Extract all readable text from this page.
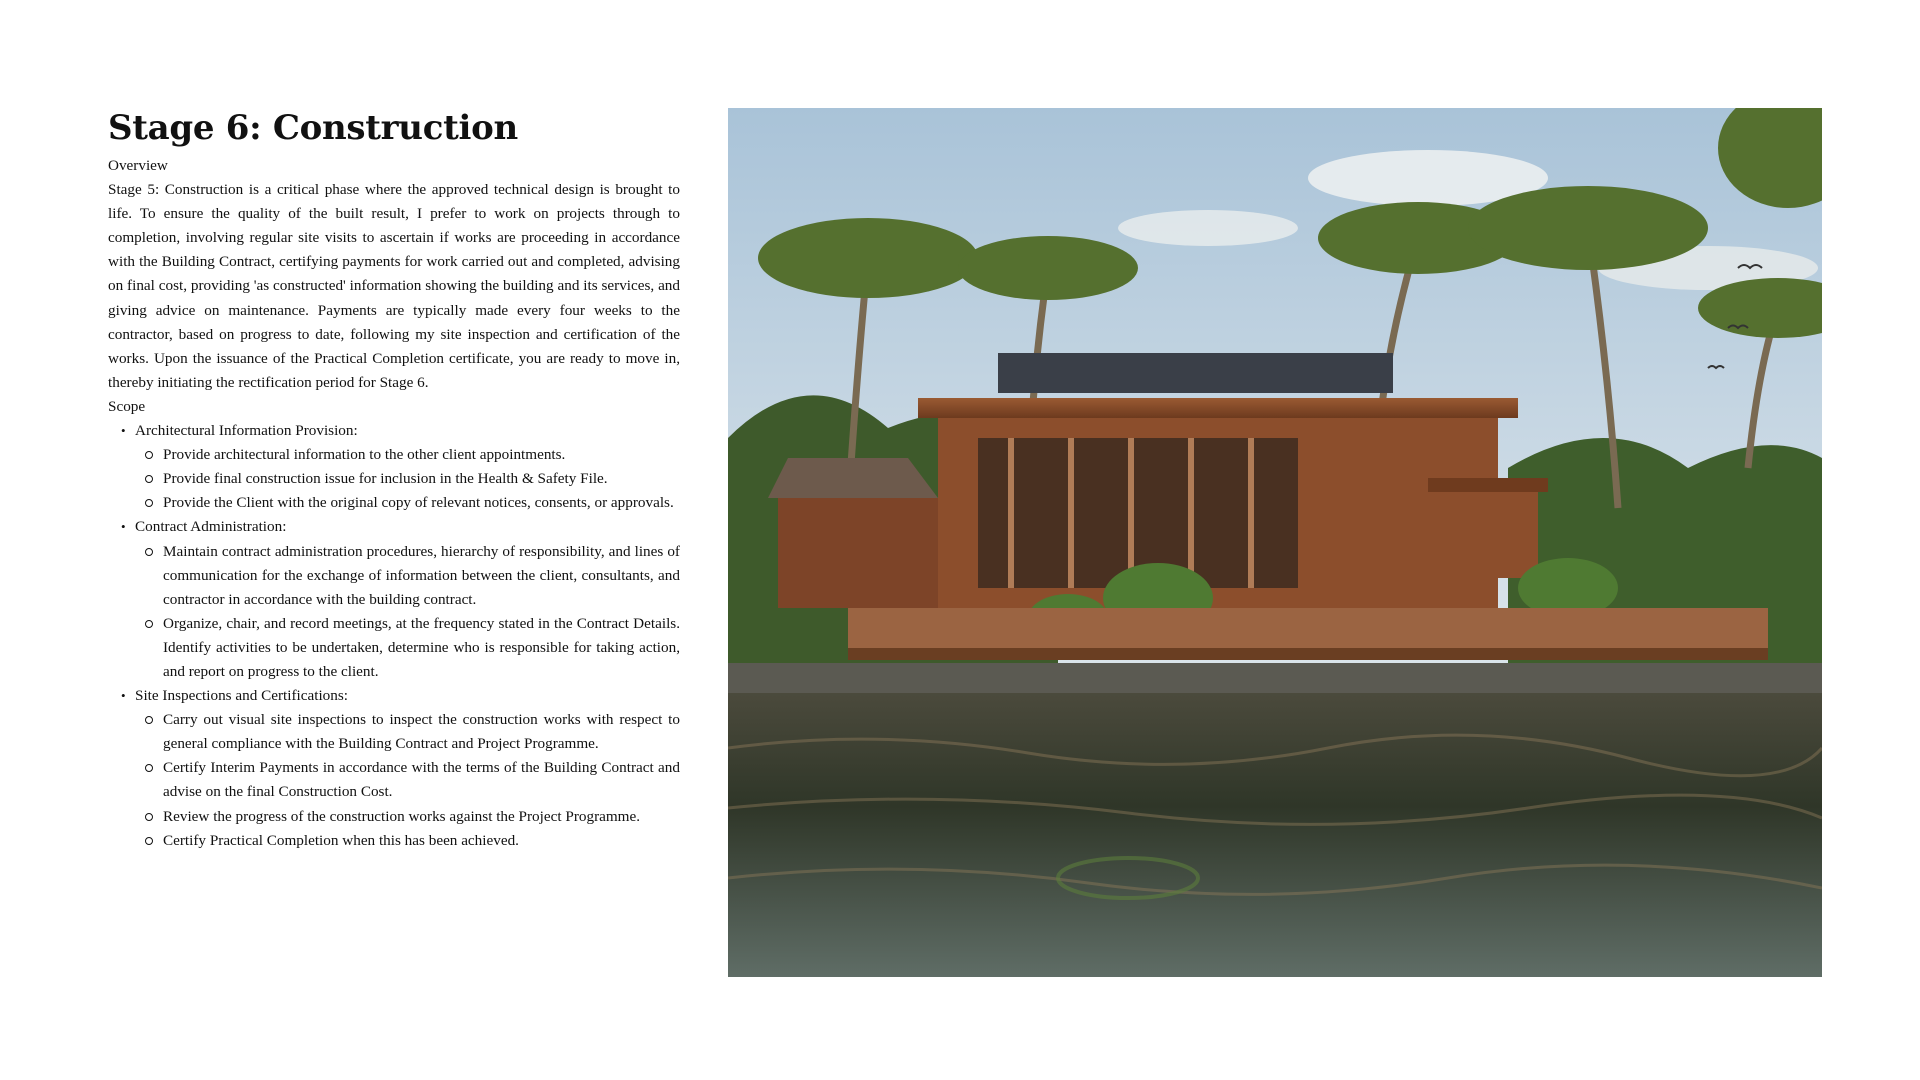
Stage 6: Construction

Overview

Stage 5: Construction is a critical phase where the approved technical design is brought to life. To ensure the quality of the built result, I prefer to work on projects through to completion, involving regular site visits to ascertain if works are proceeding in accordance with the Building Contract, certifying payments for work carried out and completed, advising on final cost, providing 'as constructed' information showing the building and its services, and giving advice on maintenance. Payments are typically made every four weeks to the contractor, based on progress to date, following my site inspection and certification of the works. Upon the issuance of the Practical Completion certificate, you are ready to move in, thereby initiating the rectification period for Stage 6.

Scope

• Architectural Information Provision:
Provide architectural information to the other client appointments.
Provide final construction issue for inclusion in the Health & Safety File.
Provide the Client with the original copy of relevant notices, consents, or approvals.
• Contract Administration:
Maintain contract administration procedures, hierarchy of responsibility, and lines of communication for the exchange of information between the client, consultants, and contractor in accordance with the building contract.
Organize, chair, and record meetings, at the frequency stated in the Contract Details. Identify activities to be undertaken, determine who is responsible for taking action, and report on progress to the client.
• Site Inspections and Certifications:
Carry out visual site inspections to inspect the construction works with respect to general compliance with the Building Contract and Project Programme.
Certify Interim Payments in accordance with the terms of the Building Contract and advise on the final Construction Cost.
Review the progress of the construction works against the Project Programme.
Certify Practical Completion when this has been achieved.
